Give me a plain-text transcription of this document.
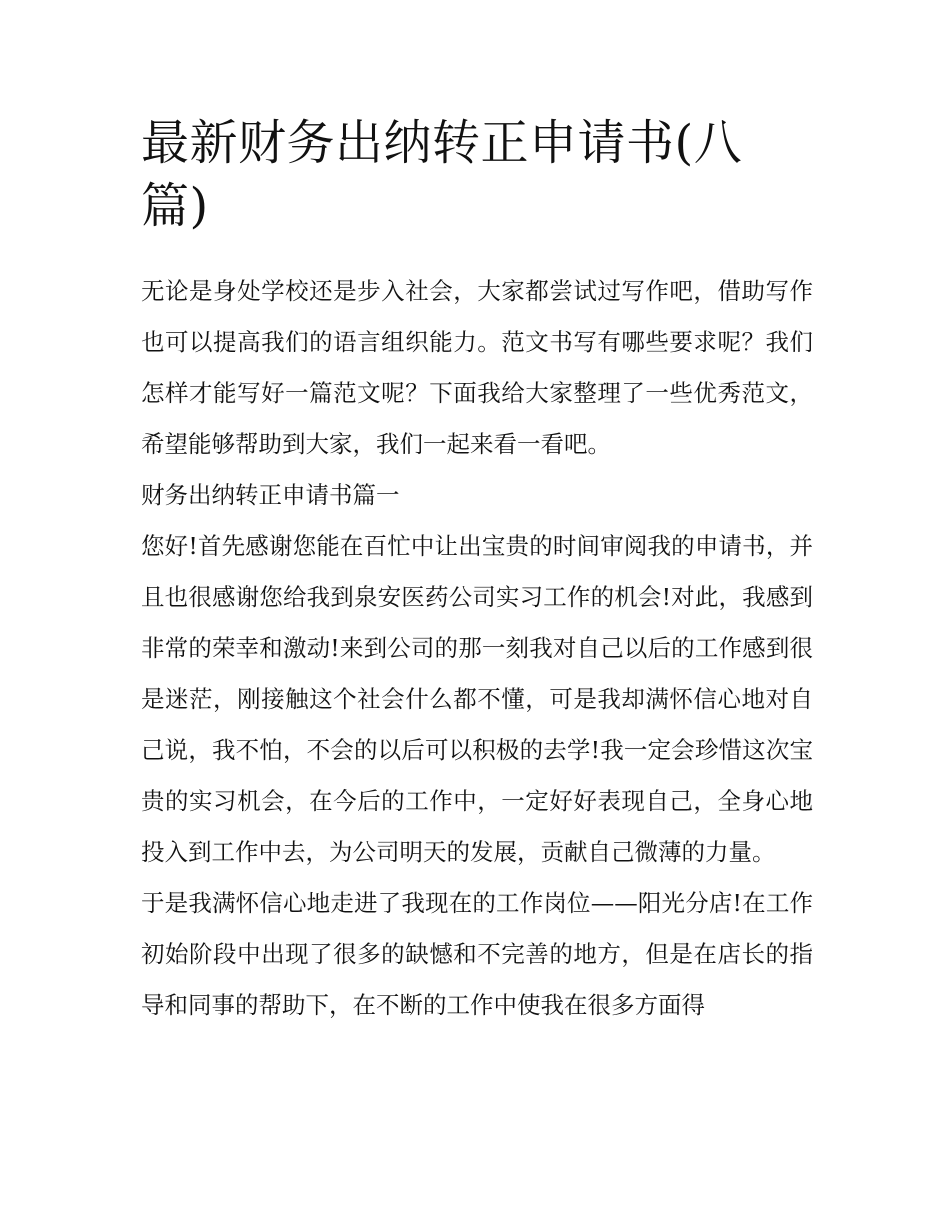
最新财务出纳转正申请书(八篇)

无论是身处学校还是步入社会，大家都尝试过写作吧，借助写作也可以提高我们的语言组织能力。范文书写有哪些要求呢？我们怎样才能写好一篇范文呢？下面我给大家整理了一些优秀范文，希望能够帮助到大家，我们一起来看一看吧。

财务出纳转正申请书篇一

您好!首先感谢您能在百忙中让出宝贵的时间审阅我的申请书，并且也很感谢您给我到泉安医药公司实习工作的机会!对此，我感到非常的荣幸和激动!来到公司的那一刻我对自己以后的工作感到很是迷茫，刚接触这个社会什么都不懂，可是我却满怀信心地对自己说，我不怕，不会的以后可以积极的去学!我一定会珍惜这次宝贵的实习机会，在今后的工作中，一定好好表现自己，全身心地投入到工作中去，为公司明天的发展，贡献自己微薄的力量。

于是我满怀信心地走进了我现在的工作岗位——阳光分店!在工作初始阶段中出现了很多的缺憾和不完善的地方，但是在店长的指导和同事的帮助下，在不断的工作中使我在很多方面得
